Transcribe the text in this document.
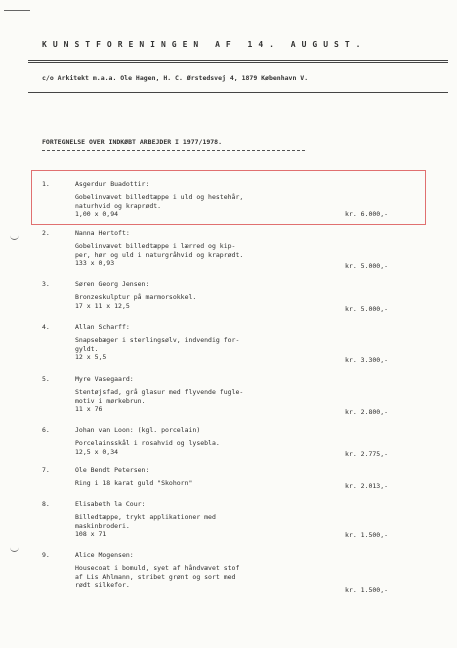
KUNSTFORENINGEN AF 14. AUGUST.
c/o Arkitekt m.a.a. Ole Hagen, H. C. Ørstedsvej 4, 1879 København V.
FORTEGNELSE OVER INDKØBT ARBEJDER I 1977/1978.
1.	Asgerdur Buadottir:
Gobelinvævet billedtæppe i uld og hestehår,
naturhvid og kraprødt.
1,00 x 0,94	kr. 6.000,-
2.	Nanna Hertoft:
Gobelinvævet billedtæppe i lærred og kip-
per, hør og uld i naturgråhvid og kraprødt.
133 x 0,93	kr. 5.000,-
3.	Søren Georg Jensen:
Bronzeskulptur på marmorsokkel.
17 x 11 x 12,5	kr. 5.000,-
4.	Allan Scharff:
Snapsebæger i sterlingsølv, indvendig for-
gyldt.
12 x 5,5	kr. 3.300,-
5.	Myre Vasegaard:
Stentøjsfad, grå glasur med flyvende fugle-
motiv i mørkebrun.
11 x 76	kr. 2.800,-
6.	Johan van Loon: (kgl. porcelain)
Porcelainsskål i rosahvid og lysebla.
12,5 x 0,34	kr. 2.775,-
7.	Ole Bendt Petersen:
Ring i 18 karat guld "Skohorn"	kr. 2.013,-
8.	Elisabeth la Cour:
Billedtæppe, trykt applikationer med
maskinbroderi.
108 x 71	kr. 1.500,-
9.	Alice Mogensen:
Housecoat i bomuld, syet af håndvævet stof
af Lis Ahlmann, stribet grønt og sort med
rødt silkefor.
kr. 1.500,-
